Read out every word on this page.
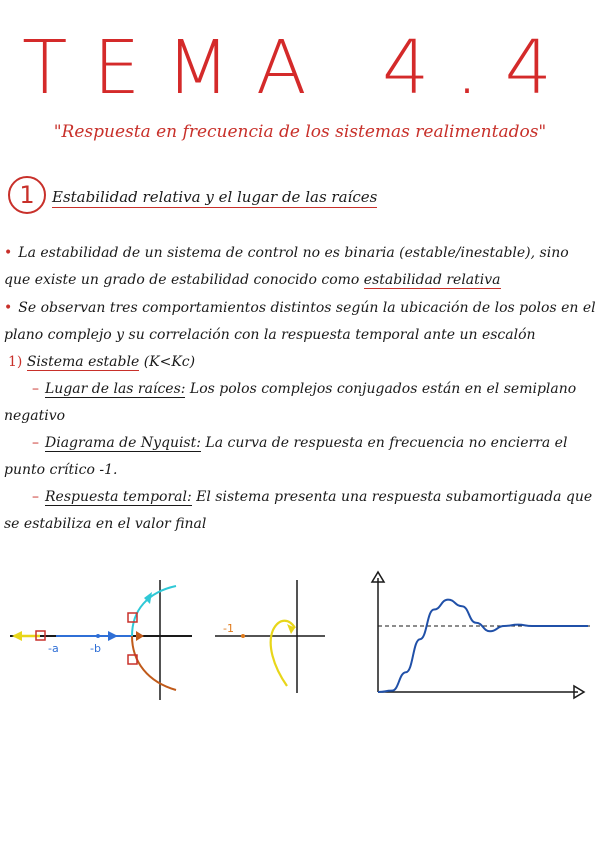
TEMA 4.4
"Respuesta en frecuencia de los sistemas realimentados"
1	Estabilidad relativa y el lugar de las raíces
• La estabilidad de un sistema de control no es binaria (estable/inestable), sino que existe un grado de estabilidad conocido como estabilidad relativa
• Se observan tres comportamientos distintos según la ubicación de los polos en el plano complejo y su correlación con la respuesta temporal ante un escalón
1) Sistema estable (K<Kc)
– Lugar de las raíces: Los polos complejos conjugados están en el semiplano negativo
– Diagrama de Nyquist: La curva de respuesta en frecuencia no encierra el punto crítico -1.
– Respuesta temporal: El sistema presenta una respuesta subamortiguada que se estabiliza en el valor final
-a	-b
-1
